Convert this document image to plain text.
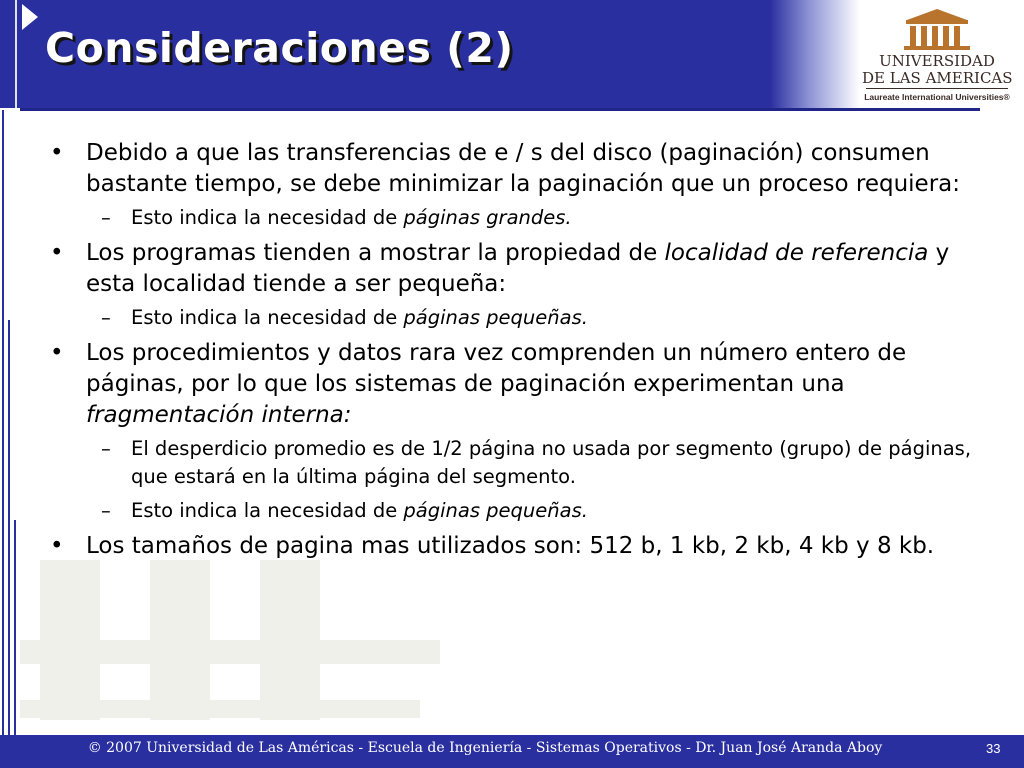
Consideraciones (2)	UNIVERSIDAD
DE LAS AMERICAS
Laureate International Universities®

• Debido a que las transferencias de e / s del disco (paginación) consumen bastante tiempo, se debe minimizar la paginación que un proceso requiera:

– Esto indica la necesidad de páginas grandes.

• Los programas tienden a mostrar la propiedad de localidad de referencia y esta localidad tiende a ser pequeña:

– Esto indica la necesidad de páginas pequeñas.

• Los procedimientos y datos rara vez comprenden un número entero de páginas, por lo que los sistemas de paginación experimentan una fragmentación interna:

– El desperdicio promedio es de 1/2 página no usada por segmento (grupo) de páginas, que estará en la última página del segmento.

– Esto indica la necesidad de páginas pequeñas.

• Los tamaños de pagina mas utilizados son: 512 b, 1 kb, 2 kb, 4 kb y 8 kb.

© 2007 Universidad de Las Américas - Escuela de Ingeniería - Sistemas Operativos - Dr. Juan José Aranda Aboy	33
